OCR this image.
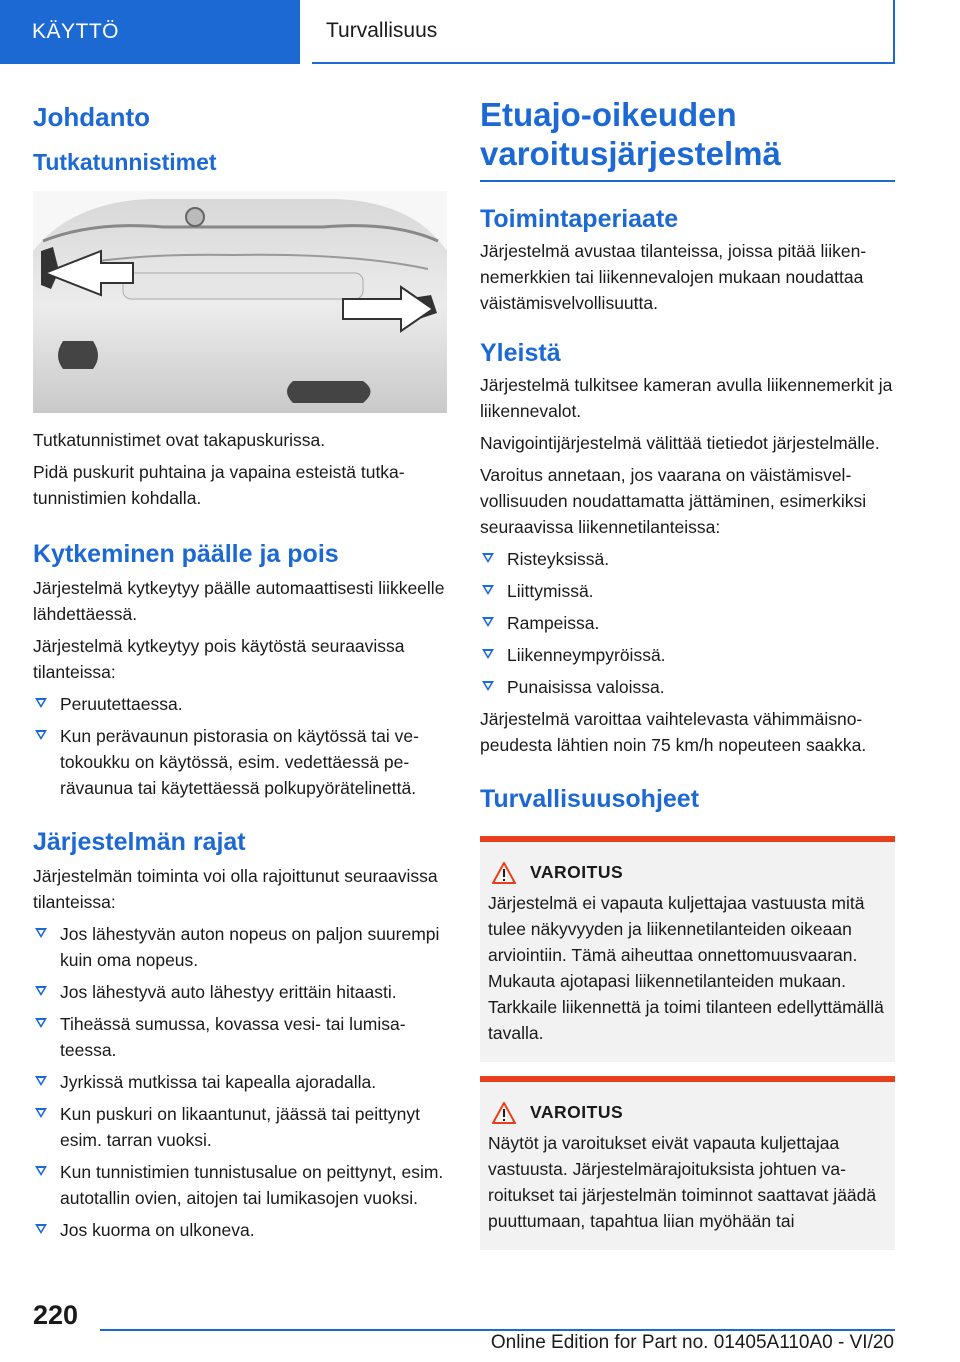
KÄYTTÖ	Turvallisuus
Johdanto
Tutkatunnistimet

Tutkatunnistimet ovat takapuskurissa.

Pidä puskurit puhtaina ja vapaina esteistä tutkatunnistimien kohdalla.

Kytkeminen päälle ja pois

Järjestelmä kytkeytyy päälle automaattisesti liikkeelle lähdettäessä.

Järjestelmä kytkeytyy pois käytöstä seuraavissa tilanteissa:

Peruutettaessa.
Kun perävaunun pistorasia on käytössä tai vetokoukku on käytössä, esim. vedettäessä perävaunua tai käytettäessä polkupyörätelinettä.
Järjestelmän rajat

Järjestelmän toiminta voi olla rajoittunut seuraavissa tilanteissa:

Jos lähestyvän auton nopeus on paljon suurempi kuin oma nopeus.
Jos lähestyvä auto lähestyy erittäin hitaasti.
Tiheässä sumussa, kovassa vesi- tai lumisateessa.
Jyrkissä mutkissa tai kapealla ajoradalla.
Kun puskuri on likaantunut, jäässä tai peittynyt esim. tarran vuoksi.
Kun tunnistimien tunnistusalue on peittynyt, esim. autotallin ovien, aitojen tai lumikasojen vuoksi.
Jos kuorma on ulkoneva.
Etuajo-oikeuden varoitusjärjestelmä
Toimintaperiaate

Järjestelmä avustaa tilanteissa, joissa pitää liikennemerkkien tai liikennevalojen mukaan noudattaa väistämisvelvollisuutta.

Yleistä

Järjestelmä tulkitsee kameran avulla liikennemerkit ja liikennevalot.

Navigointijärjestelmä välittää tietiedot järjestelmälle.

Varoitus annetaan, jos vaarana on väistämisvelvollisuuden noudattamatta jättäminen, esimerkiksi seuraavissa liikennetilanteissa:

Risteyksissä.
Liittymissä.
Rampeissa.
Liikenneympyröissä.
Punaisissa valoissa.

Järjestelmä varoittaa vaihtelevasta vähimmäisnopeudesta lähtien noin 75 km/h nopeuteen saakka.

Turvallisuusohjeet
VAROITUS

Järjestelmä ei vapauta kuljettajaa vastuusta mitä tulee näkyvyyden ja liikennetilanteiden oikeaan arviointiin. Tämä aiheuttaa onnettomuusvaaran. Mukauta ajotapasi liikennetilanteiden mukaan. Tarkkaile liikennettä ja toimi tilanteen edellyttämällä tavalla.

VAROITUS

Näytöt ja varoitukset eivät vapauta kuljettajaa vastuusta. Järjestelmärajoituksista johtuen varoitukset tai järjestelmän toiminnot saattavat jäädä puuttumaan, tapahtua liian myöhään tai

220
Online Edition for Part no. 01405A110A0 - VI/20
